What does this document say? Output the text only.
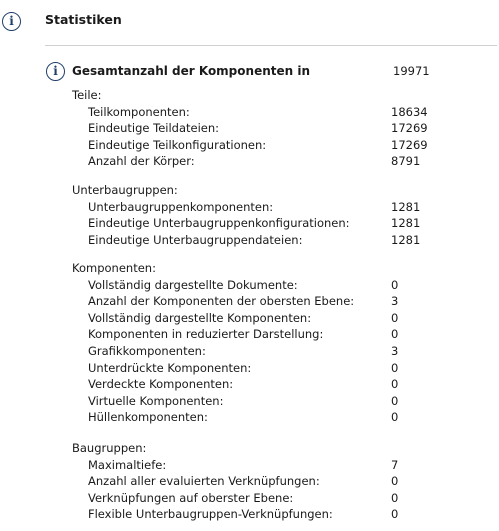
i	Statistiken
i	Gesamtanzahl der Komponenten in	19971
Teile:
Teilkomponenten:	18634
Eindeutige Teildateien:	17269
Eindeutige Teilkonfigurationen:	17269
Anzahl der Körper:	8791
Unterbaugruppen:
Unterbaugruppenkomponenten:	1281
Eindeutige Unterbaugruppenkonfigurationen:	1281
Eindeutige Unterbaugruppendateien:	1281
Komponenten:
Vollständig dargestellte Dokumente:	0
Anzahl der Komponenten der obersten Ebene:	3
Vollständig dargestellte Komponenten:	0
Komponenten in reduzierter Darstellung:	0
Grafikkomponenten:	3
Unterdrückte Komponenten:	0
Verdeckte Komponenten:	0
Virtuelle Komponenten:	0
Hüllenkomponenten:	0
Baugruppen:
Maximaltiefe:	7
Anzahl aller evaluierten Verknüpfungen:	0
Verknüpfungen auf oberster Ebene:	0
Flexible Unterbaugruppen-Verknüpfungen:	0
